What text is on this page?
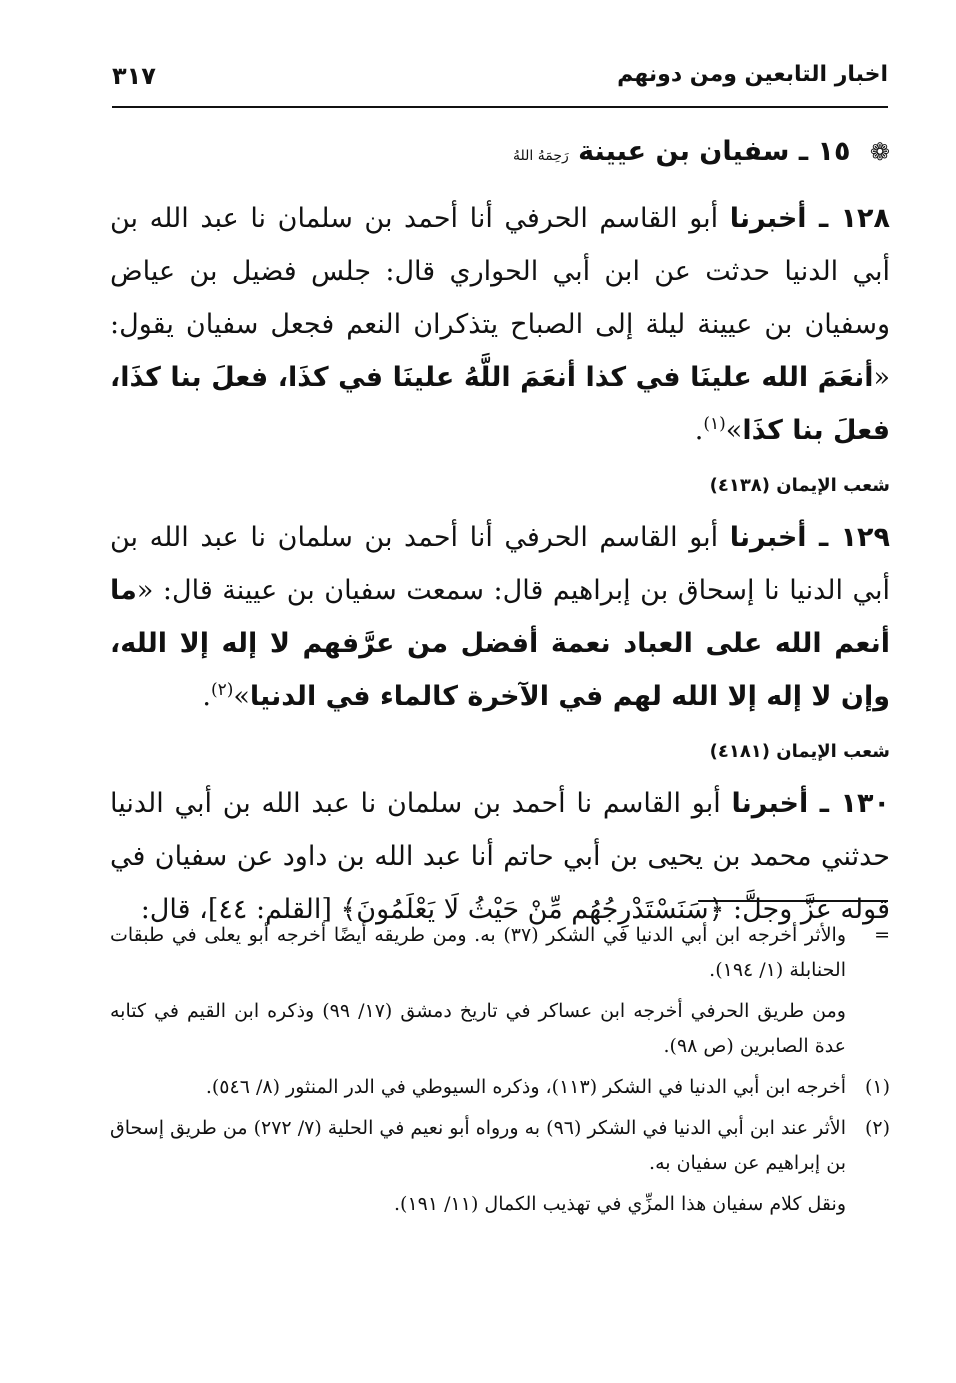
اخبار التابعين ومن دونهم
٣١٧
❁ ١٥ ـ سفيان بن عيينة رَحِمَهُ اللهُ

١٢٨ ـ أخبرنا أبو القاسم الحرفي أنا أحمد بن سلمان نا عبد الله بن أبي الدنيا حدثت عن ابن أبي الحواري قال: جلس فضيل بن عياض وسفيان بن عيينة ليلة إلى الصباح يتذكران النعم فجعل سفيان يقول: «أنعَمَ الله علينَا في كذا أنعَمَ اللَّهُ علينَا في كذَا، فعلَ بنا كذَا، فعلَ بنا كذَا»$^{(١)}$.

شعب الإيمان (٤١٣٨)

١٢٩ ـ أخبرنا أبو القاسم الحرفي أنا أحمد بن سلمان نا عبد الله بن أبي الدنيا نا إسحاق بن إبراهيم قال: سمعت سفيان بن عيينة قال: «ما أنعم الله على العباد نعمة أفضل من عرَّفهم لا إله إلا الله، وإن لا إله إلا الله لهم في الآخرة كالماء في الدنيا»$^{(٢)}$.

شعب الإيمان (٤١٨١)

١٣٠ ـ أخبرنا أبو القاسم نا أحمد بن سلمان نا عبد الله بن أبي الدنيا حدثني محمد بن يحيى بن أبي حاتم أنا عبد الله بن داود عن سفيان في قوله عزَّ وجلَّ: ﴿سَنَسْتَدْرِجُهُم مِّنْ حَيْثُ لَا يَعْلَمُونَ﴾ [القلم: ٤٤]، قال:

=
والأثر أخرجه ابن أبي الدنيا في الشكر (٣٧) به. ومن طريقه أيضًا أخرجه أبو يعلى في طبقات الحنابلة (١/ ١٩٤).
ومن طريق الحرفي أخرجه ابن عساكر في تاريخ دمشق (١٧/ ٩٩) وذكره ابن القيم في كتابه عدة الصابرين (ص ٩٨).
(١)
أخرجه ابن أبي الدنيا في الشكر (١١٣)، وذكره السيوطي في الدر المنثور (٨/ ٥٤٦).
(٢)
الأثر عند ابن أبي الدنيا في الشكر (٩٦) به ورواه أبو نعيم في الحلية (٧/ ٢٧٢) من طريق إسحاق بن إبراهيم عن سفيان به.
ونقل كلام سفيان هذا المزِّي في تهذيب الكمال (١١/ ١٩١).
